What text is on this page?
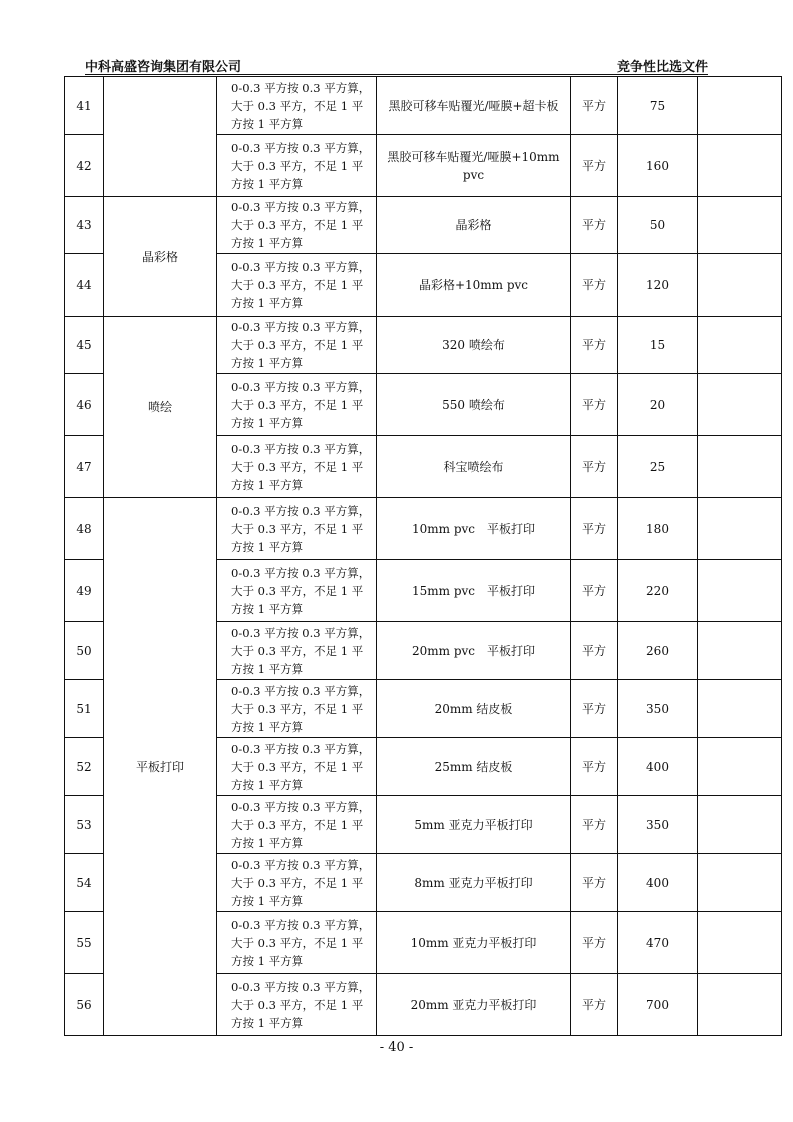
中科高盛咨询集团有限公司	竞争性比选文件
41		0-0.3 平方按 0.3 平方算，大于 0.3 平方，不足 1 平方按 1 平方算	黑胶可移车贴覆光/哑膜+超卡板	平方	75	
42		0-0.3 平方按 0.3 平方算，大于 0.3 平方，不足 1 平方按 1 平方算	黑胶可移车贴覆光/哑膜+10mm pvc	平方	160	
43	晶彩格	0-0.3 平方按 0.3 平方算，大于 0.3 平方，不足 1 平方按 1 平方算	晶彩格	平方	50	
44		0-0.3 平方按 0.3 平方算，大于 0.3 平方，不足 1 平方按 1 平方算	晶彩格+10mm pvc	平方	120	
45	喷绘	0-0.3 平方按 0.3 平方算，大于 0.3 平方，不足 1 平方按 1 平方算	320 喷绘布	平方	15	
46		0-0.3 平方按 0.3 平方算，大于 0.3 平方，不足 1 平方按 1 平方算	550 喷绘布	平方	20	
47		0-0.3 平方按 0.3 平方算，大于 0.3 平方，不足 1 平方按 1 平方算	科宝喷绘布	平方	25	
48	平板打印	0-0.3 平方按 0.3 平方算，大于 0.3 平方，不足 1 平方按 1 平方算	10mm pvc　平板打印	平方	180	
49		0-0.3 平方按 0.3 平方算，大于 0.3 平方，不足 1 平方按 1 平方算	15mm pvc　平板打印	平方	220	
50		0-0.3 平方按 0.3 平方算，大于 0.3 平方，不足 1 平方按 1 平方算	20mm pvc　平板打印	平方	260	
51		0-0.3 平方按 0.3 平方算，大于 0.3 平方，不足 1 平方按 1 平方算	20mm 结皮板	平方	350	
52		0-0.3 平方按 0.3 平方算，大于 0.3 平方，不足 1 平方按 1 平方算	25mm 结皮板	平方	400	
53		0-0.3 平方按 0.3 平方算，大于 0.3 平方，不足 1 平方按 1 平方算	5mm 亚克力平板打印	平方	350	
54		0-0.3 平方按 0.3 平方算，大于 0.3 平方，不足 1 平方按 1 平方算	8mm 亚克力平板打印	平方	400	
55		0-0.3 平方按 0.3 平方算，大于 0.3 平方，不足 1 平方按 1 平方算	10mm 亚克力平板打印	平方	470	
56		0-0.3 平方按 0.3 平方算，大于 0.3 平方，不足 1 平方按 1 平方算	20mm 亚克力平板打印	平方	700	
- 40 -
